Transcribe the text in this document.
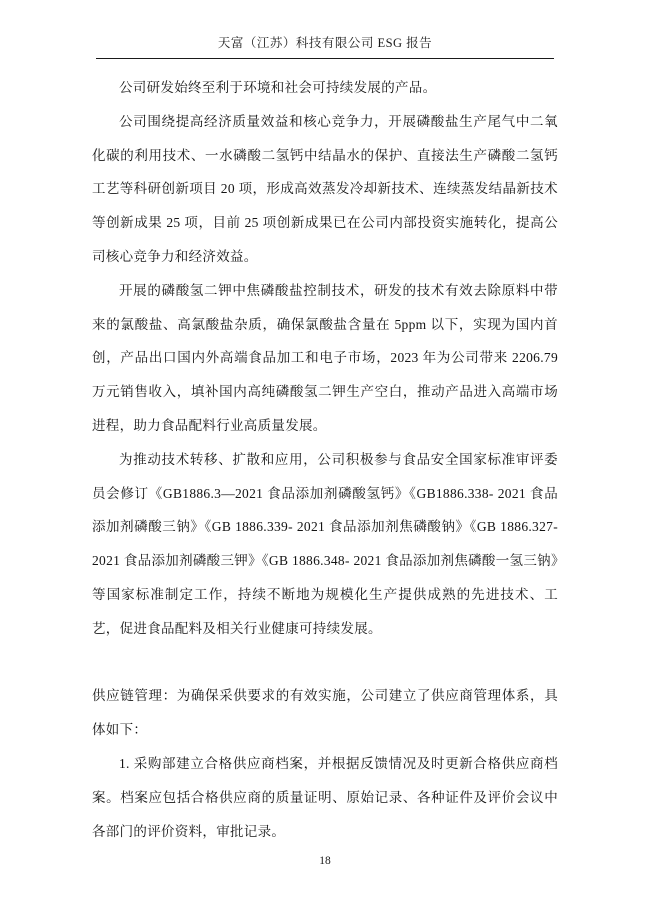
天富（江苏）科技有限公司 ESG 报告

公司研发始终至利于环境和社会可持续发展的产品。

公司围绕提高经济质量效益和核心竞争力，开展磷酸盐生产尾气中二氧化碳的利用技术、一水磷酸二氢钙中结晶水的保护、直接法生产磷酸二氢钙工艺等科研创新项目 20 项，形成高效蒸发冷却新技术、连续蒸发结晶新技术等创新成果 25 项，目前 25 项创新成果已在公司内部投资实施转化，提高公司核心竞争力和经济效益。

开展的磷酸氢二钾中焦磷酸盐控制技术，研发的技术有效去除原料中带来的氯酸盐、高氯酸盐杂质，确保氯酸盐含量在 5ppm 以下，实现为国内首创，产品出口国内外高端食品加工和电子市场，2023 年为公司带来 2206.79 万元销售收入，填补国内高纯磷酸氢二钾生产空白，推动产品进入高端市场进程，助力食品配料行业高质量发展。

为推动技术转移、扩散和应用，公司积极参与食品安全国家标准审评委员会修订《GB1886.3—2021 食品添加剂磷酸氢钙》《GB1886.338- 2021 食品添加剂磷酸三钠》《GB 1886.339- 2021 食品添加剂焦磷酸钠》《GB 1886.327- 2021 食品添加剂磷酸三钾》《GB 1886.348- 2021 食品添加剂焦磷酸一氢三钠》等国家标准制定工作，持续不断地为规模化生产提供成熟的先进技术、工艺，促进食品配料及相关行业健康可持续发展。

供应链管理：为确保采供要求的有效实施，公司建立了供应商管理体系，具体如下：

1. 采购部建立合格供应商档案，并根据反馈情况及时更新合格供应商档案。档案应包括合格供应商的质量证明、原始记录、各种证件及评价会议中各部门的评价资料，审批记录。

18
